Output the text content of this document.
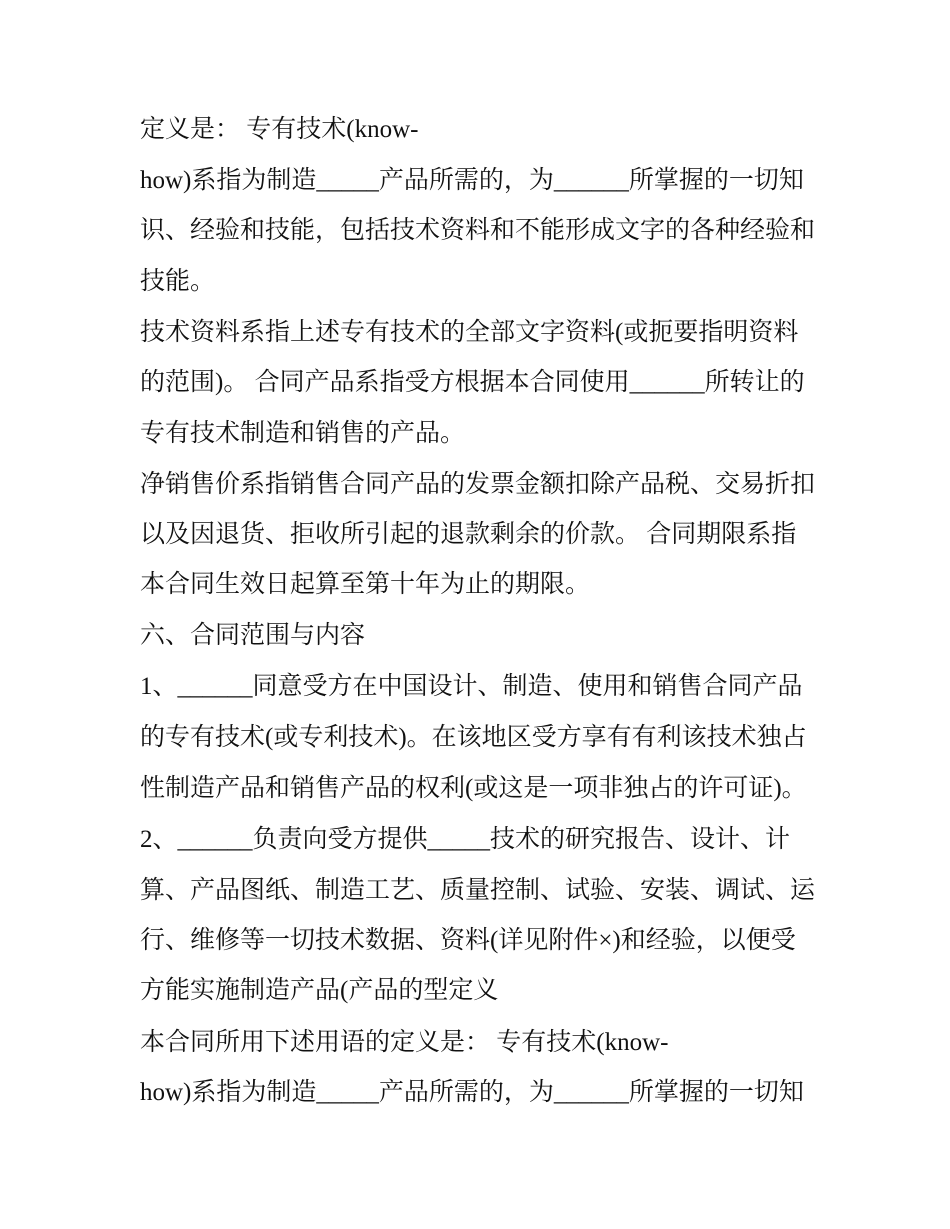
定义是： 专有技术(know-
how)系指为制造_____产品所需的，为______所掌握的一切知
识、经验和技能，包括技术资料和不能形成文字的各种经验和
技能。
技术资料系指上述专有技术的全部文字资料(或扼要指明资料
的范围)。 合同产品系指受方根据本合同使用______所转让的
专有技术制造和销售的产品。
净销售价系指销售合同产品的发票金额扣除产品税、交易折扣
以及因退货、拒收所引起的退款剩余的价款。 合同期限系指
本合同生效日起算至第十年为止的期限。
六、合同范围与内容
1、______同意受方在中国设计、制造、使用和销售合同产品
的专有技术(或专利技术)。在该地区受方享有有利该技术独占
性制造产品和销售产品的权利(或这是一项非独占的许可证)。
2、______负责向受方提供_____技术的研究报告、设计、计
算、产品图纸、制造工艺、质量控制、试验、安装、调试、运
行、维修等一切技术数据、资料(详见附件×)和经验，以便受
方能实施制造产品(产品的型定义
本合同所用下述用语的定义是： 专有技术(know-
how)系指为制造_____产品所需的，为______所掌握的一切知
